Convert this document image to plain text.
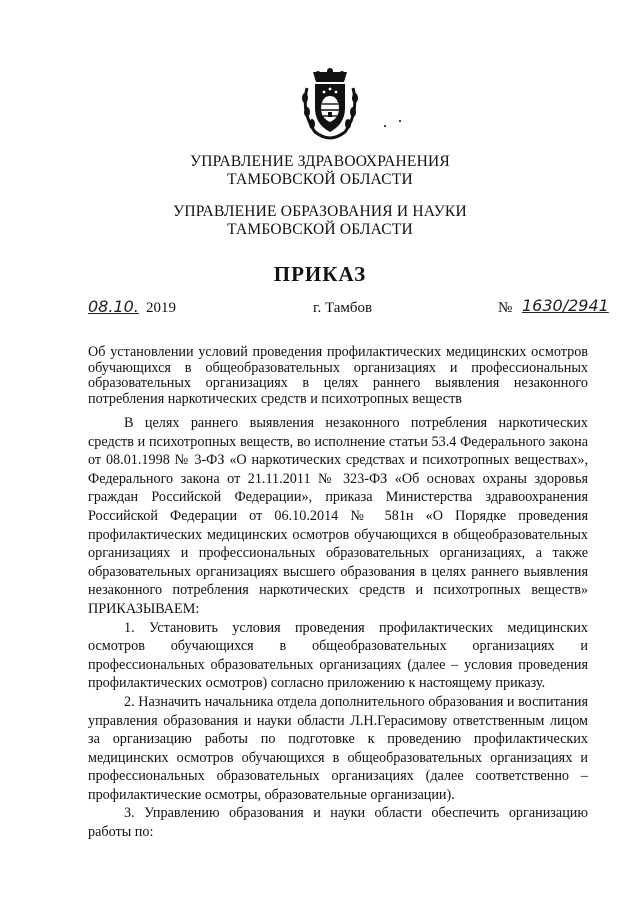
УПРАВЛЕНИЕ ЗДРАВООХРАНЕНИЯ
ТАМБОВСКОЙ ОБЛАСТИ
УПРАВЛЕНИЕ ОБРАЗОВАНИЯ И НАУКИ
ТАМБОВСКОЙ ОБЛАСТИ
ПРИКАЗ
08.10. 2019	г. Тамбов	№ 1630/2941
Об установлении условий проведения профилактических медицинских осмотров обучающихся в общеобразовательных организациях и профессиональных образовательных организациях в целях раннего выявления незаконного потребления наркотических средств и психотропных веществ

В целях раннего выявления незаконного потребления наркотических средств и психотропных веществ, во исполнение статьи 53.4 Федерального закона от 08.01.1998 № 3-ФЗ «О наркотических средствах и психотропных веществах», Федерального закона от 21.11.2011 № 323-ФЗ «Об основах охраны здоровья граждан Российской Федерации», приказа Министерства здравоохранения Российской Федерации от 06.10.2014 № 581н «О Порядке проведения профилактических медицинских осмотров обучающихся в общеобразовательных организациях и профессиональных образовательных организациях, а также образовательных организациях высшего образования в целях раннего выявления незаконного потребления наркотических средств и психотропных веществ» ПРИКАЗЫВАЕМ:

1. Установить условия проведения профилактических медицинских осмотров обучающихся в общеобразовательных организациях и профессиональных образовательных организациях (далее – условия проведения профилактических осмотров) согласно приложению к настоящему приказу.

2. Назначить начальника отдела дополнительного образования и воспитания управления образования и науки области Л.Н.Герасимову ответственным лицом за организацию работы по подготовке к проведению профилактических медицинских осмотров обучающихся в общеобразовательных организациях и профессиональных образовательных организациях (далее соответственно – профилактические осмотры, образовательные организации).

3. Управлению образования и науки области обеспечить организацию работы по:
